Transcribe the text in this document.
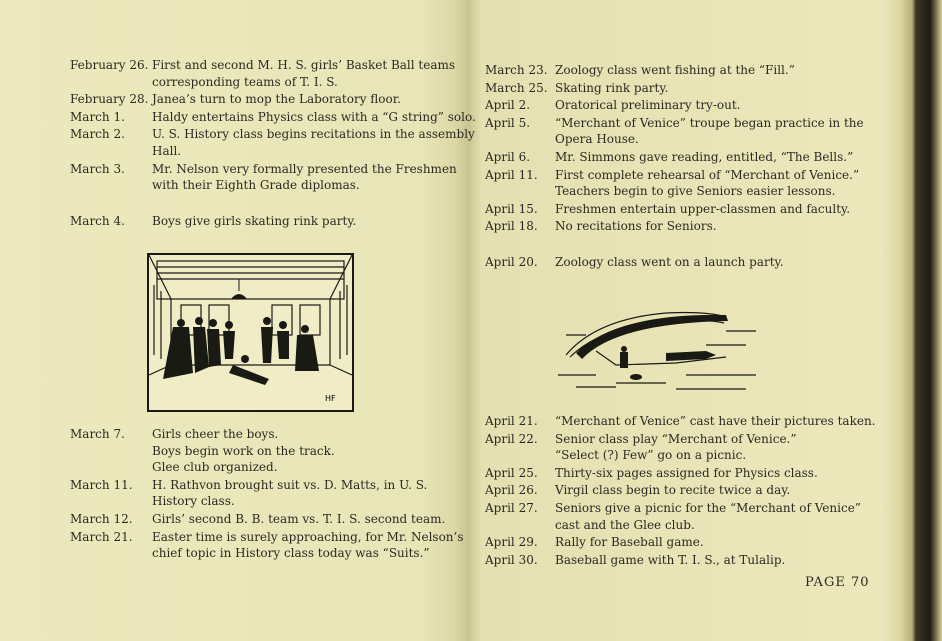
February 26. First and second M. H. S. girls’ Basket Ball teams
corresponding teams of T. I. S.
February 28. Janea’s turn to mop the Laboratory floor.
March 1.	Haldy entertains Physics class with a “G string” solo.
March 2.	U. S. History class begins recitations in the assembly
Hall.
March 3.	Mr. Nelson very formally presented the Freshmen
with their Eighth Grade diplomas.
March 4.	Boys give girls skating rink party.
March 7.	Girls cheer the boys.
Boys begin work on the track.
Glee club organized.
March 11.	H. Rathvon brought suit vs. D. Matts, in U. S.
History class.
March 12.	Girls’ second B. B. team vs. T. I. S. second team.
March 21.	Easter time is surely approaching, for Mr. Nelson’s
chief topic in History class today was “Suits.”
March 23. Zoology class went fishing at the “Fill.”
March 25. Skating rink party.
April 2.	Oratorical preliminary try-out.
April 5.	“Merchant of Venice” troupe began practice in the
Opera House.
April 6.	Mr. Simmons gave reading, entitled, “The Bells.”
April 11.	First complete rehearsal of “Merchant of Venice.”
Teachers begin to give Seniors easier lessons.
April 15.	Freshmen entertain upper-classmen and faculty.
April 18.	No recitations for Seniors.
April 20.	Zoology class went on a launch party.
April 21.	“Merchant of Venice” cast have their pictures taken.
April 22.	Senior class play “Merchant of Venice.”
“Select (?) Few” go on a picnic.
April 25.	Thirty-six pages assigned for Physics class.
April 26.	Virgil class begin to recite twice a day.
April 27.	Seniors give a picnic for the “Merchant of Venice”
cast and the Glee club.
April 29.	Rally for Baseball game.
April 30.	Baseball game with T. I. S., at Tulalip.
HF
PAGE 70
